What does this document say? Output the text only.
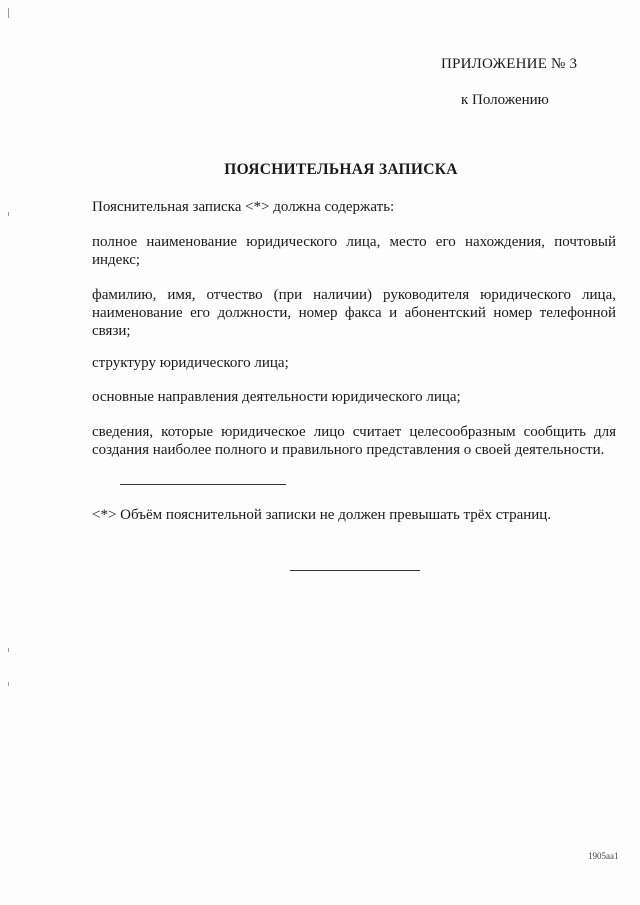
ПРИЛОЖЕНИЕ № 3
к Положению
ПОЯСНИТЕЛЬНАЯ ЗАПИСКА
Пояснительная записка <*> должна содержать:
полное наименование юридического лица, место его нахождения, почтовый индекс;
фамилию, имя, отчество (при наличии) руководителя юридического лица, наименование его должности, номер факса и абонентский номер телефонной связи;
структуру юридического лица;
основные направления деятельности юридического лица;
сведения, которые юридическое лицо считает целесообразным сообщить для создания наиболее полного и правильного представления о своей деятельности.
<*> Объём пояснительной записки не должен превышать трёх страниц.
1905aa1
